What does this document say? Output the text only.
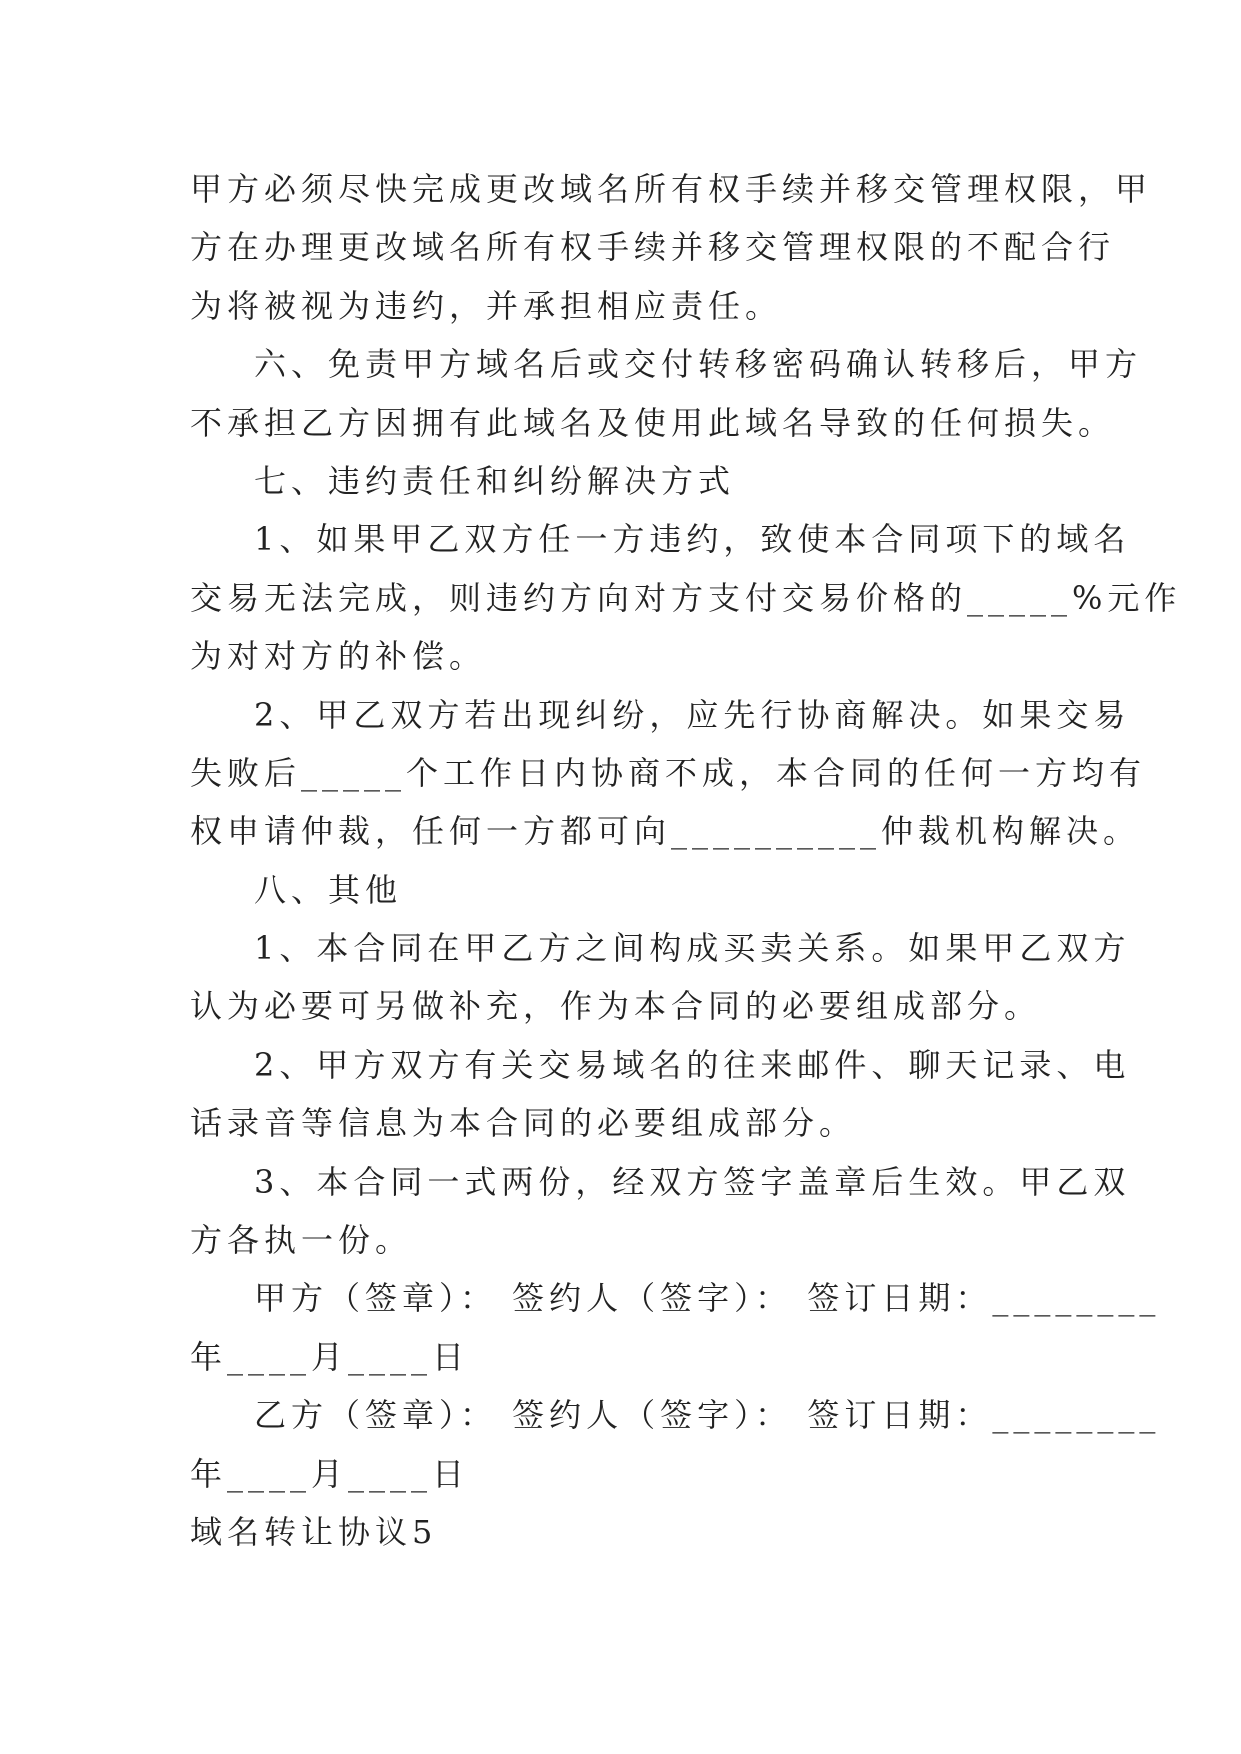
甲方必须尽快完成更改域名所有权手续并移交管理权限，甲
方在办理更改域名所有权手续并移交管理权限的不配合行
为将被视为违约，并承担相应责任。
六、免责甲方域名后或交付转移密码确认转移后，甲方
不承担乙方因拥有此域名及使用此域名导致的任何损失。
七、违约责任和纠纷解决方式
1、如果甲乙双方任一方违约，致使本合同项下的域名
交易无法完成，则违约方向对方支付交易价格的_____%元作
为对对方的补偿。
2、甲乙双方若出现纠纷，应先行协商解决。如果交易
失败后_____个工作日内协商不成，本合同的任何一方均有
权申请仲裁，任何一方都可向__________仲裁机构解决。
八、其他
1、本合同在甲乙方之间构成买卖关系。如果甲乙双方
认为必要可另做补充，作为本合同的必要组成部分。
2、甲方双方有关交易域名的往来邮件、聊天记录、电
话录音等信息为本合同的必要组成部分。
3、本合同一式两份，经双方签字盖章后生效。甲乙双
方各执一份。
甲方（签章）： 签约人（签字）： 签订日期：________
年____月____日
乙方（签章）： 签约人（签字）： 签订日期：________
年____月____日
域名转让协议5
